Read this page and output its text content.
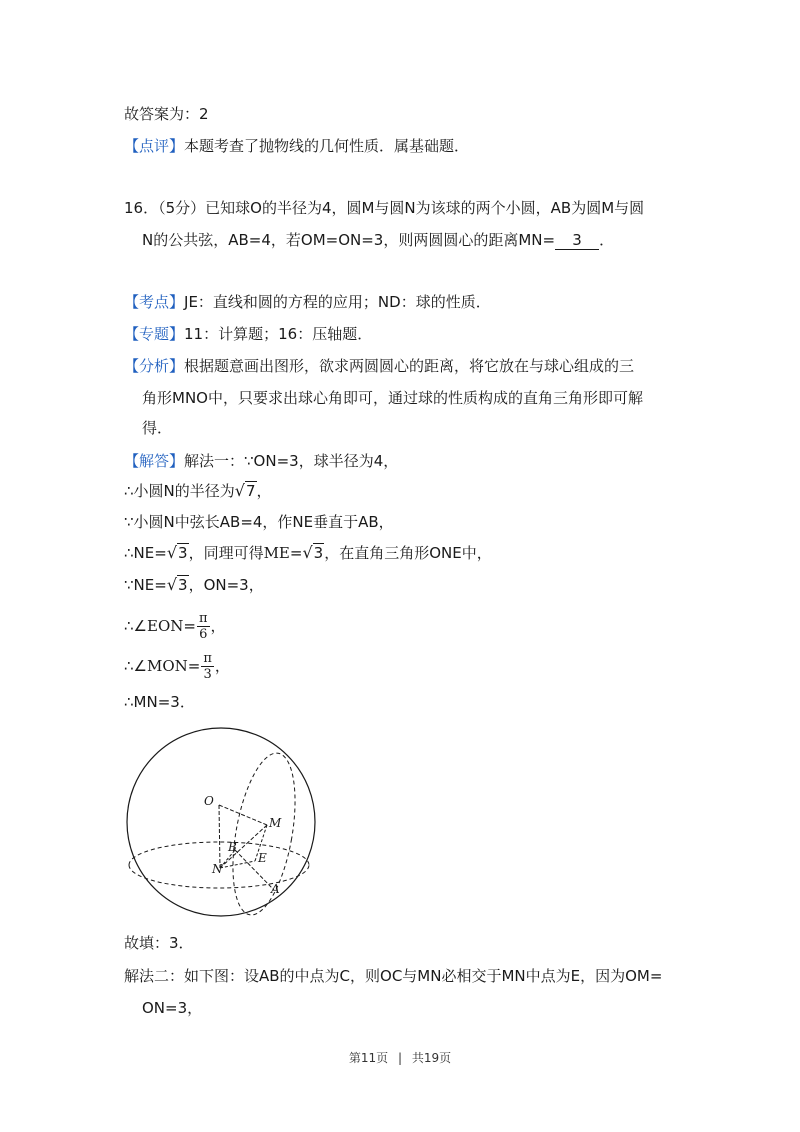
故答案为：2
【点评】本题考查了抛物线的几何性质．属基础题．
16．（5分）已知球O的半径为4，圆M与圆N为该球的两个小圆，AB为圆M与圆
N的公共弦，AB=4，若OM=ON=3，则两圆圆心的距离MN= 3 ．
【考点】JE：直线和圆的方程的应用；ND：球的性质．
【专题】11：计算题；16：压轴题．
【分析】根据题意画出图形，欲求两圆圆心的距离，将它放在与球心组成的三
角形MNO中，只要求出球心角即可，通过球的性质构成的直角三角形即可解
得．
【解答】解法一：∵ON=3，球半径为4，
∴小圆N的半径为√7，
∵小圆N中弦长AB=4，作NE垂直于AB，
∴NE=√3，同理可得ME=√3，在直角三角形ONE中，
∵NE=√3，ON=3，
∴∠EON= $\frac{\pi}{6}$ ，
∴∠MON= $\frac{\pi}{3}$ ，
∴MN=3．
O
M
B
E
N
A
故填：3．
解法二：如下图：设AB的中点为C，则OC与MN必相交于MN中点为E，因为OM=
ON=3，
第11页 | 共19页
